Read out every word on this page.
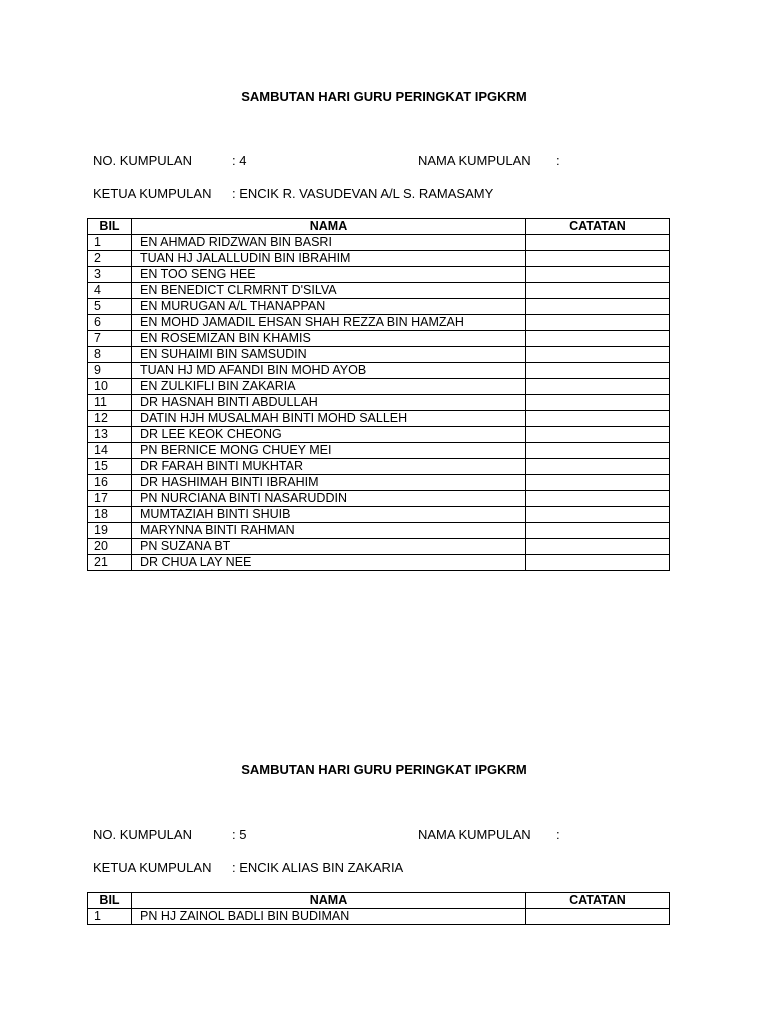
SAMBUTAN HARI GURU PERINGKAT IPGKRM
NO. KUMPULAN	: 4	NAMA KUMPULAN :
KETUA KUMPULAN : ENCIK R. VASUDEVAN A/L S. RAMASAMY
BIL	NAMA	CATATAN
1	EN AHMAD RIDZWAN BIN BASRI	
2	TUAN HJ JALALLUDIN BIN IBRAHIM	
3	EN TOO SENG HEE	
4	EN BENEDICT CLRMRNT D'SILVA	
5	EN MURUGAN A/L THANAPPAN	
6	EN MOHD JAMADIL EHSAN SHAH REZZA BIN HAMZAH	
7	EN ROSEMIZAN BIN KHAMIS	
8	EN SUHAIMI BIN SAMSUDIN	
9	TUAN HJ MD AFANDI BIN MOHD AYOB	
10	EN ZULKIFLI BIN ZAKARIA	
11	DR HASNAH BINTI ABDULLAH	
12	DATIN HJH MUSALMAH BINTI MOHD SALLEH	
13	DR LEE KEOK CHEONG	
14	PN BERNICE MONG CHUEY MEI	
15	DR FARAH BINTI MUKHTAR	
16	DR HASHIMAH BINTI IBRAHIM	
17	PN NURCIANA BINTI NASARUDDIN	
18	MUMTAZIAH BINTI SHUIB	
19	MARYNNA BINTI RAHMAN	
20	PN SUZANA BT	
21	DR CHUA LAY NEE	
SAMBUTAN HARI GURU PERINGKAT IPGKRM
NO. KUMPULAN	: 5	NAMA KUMPULAN :
KETUA KUMPULAN : ENCIK ALIAS BIN ZAKARIA
BIL	NAMA	CATATAN
1	PN HJ ZAINOL BADLI BIN BUDIMAN	
